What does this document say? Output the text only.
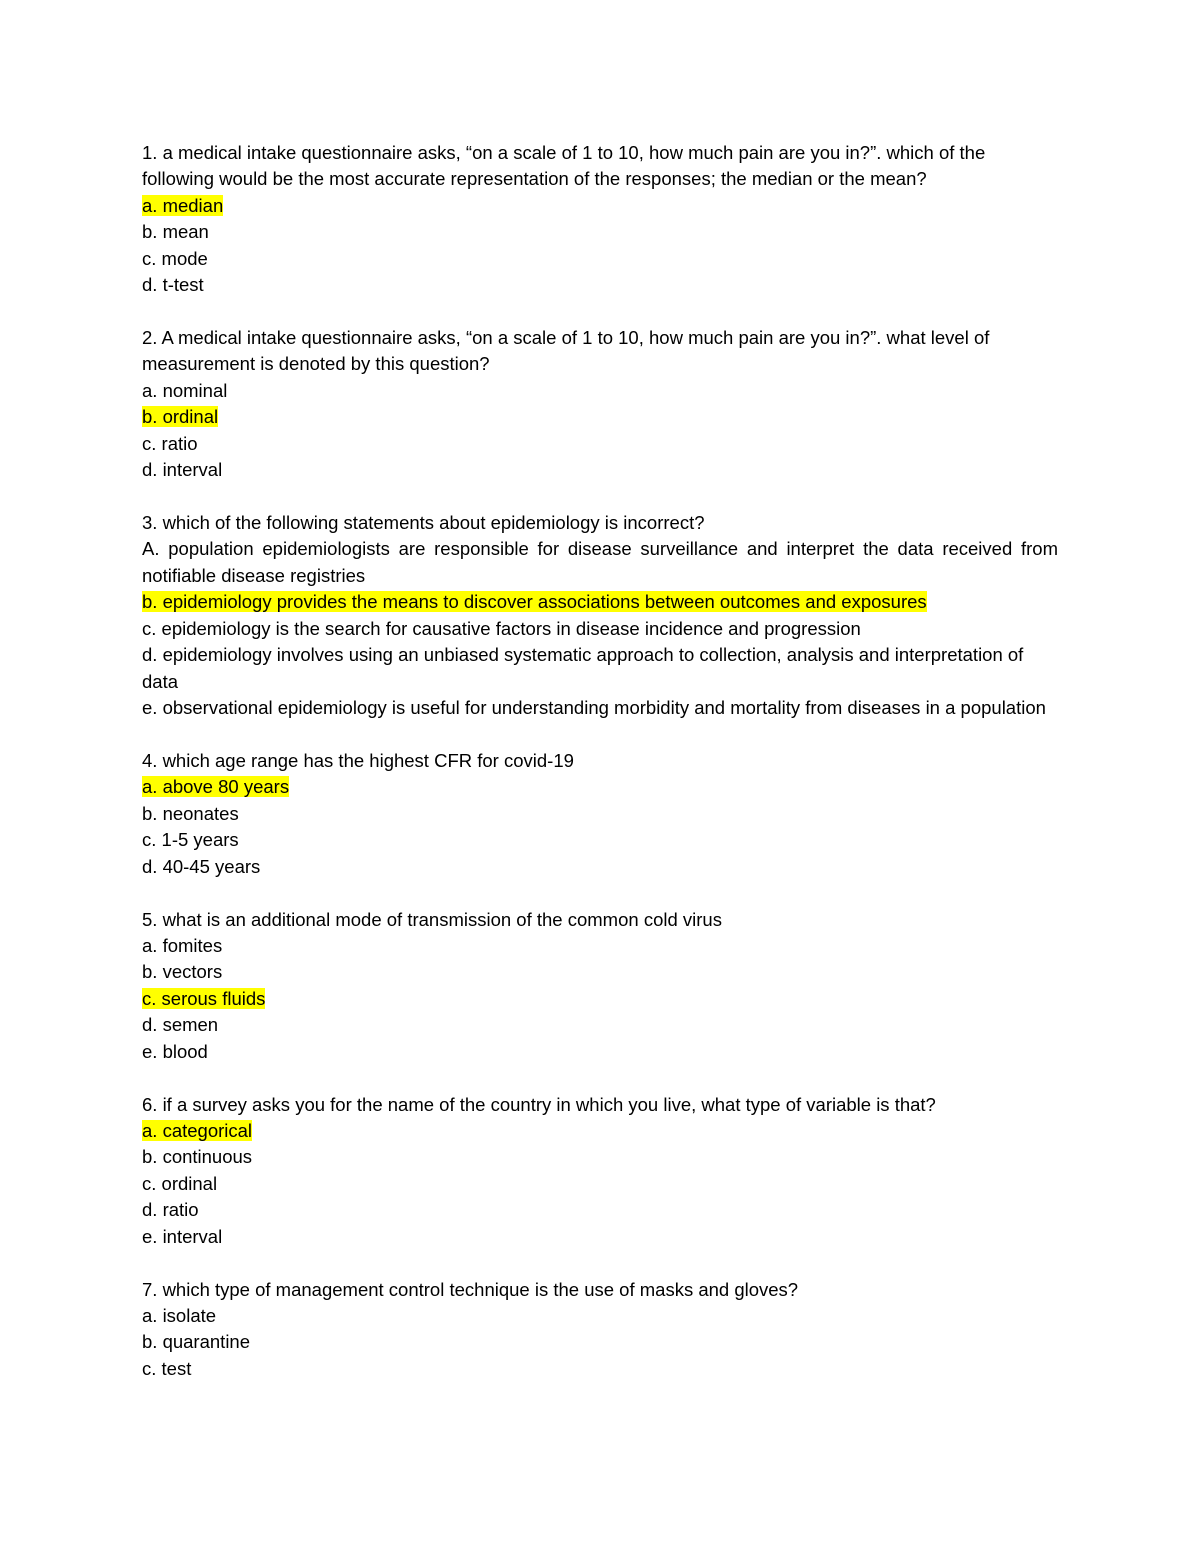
1. a medical intake questionnaire asks, “on a scale of 1 to 10, how much pain are you in?”. which of the following would be the most accurate representation of the responses; the median or the mean?

a. median
b. mean
c. mode
d. t-test

2. A medical intake questionnaire asks, “on a scale of 1 to 10, how much pain are you in?”. what level of measurement is denoted by this question?

a. nominal
b. ordinal
c. ratio
d. interval

3. which of the following statements about epidemiology is incorrect?

A. population epidemiologists are responsible for disease surveillance and interpret the data received from notifiable disease registries
b. epidemiology provides the means to discover associations between outcomes and exposures
c. epidemiology is the search for causative factors in disease incidence and progression
d. epidemiology involves using an unbiased systematic approach to collection, analysis and interpretation of data
e. observational epidemiology is useful for understanding morbidity and mortality from diseases in a population

4. which age range has the highest CFR for covid-19

a. above 80 years
b. neonates
c. 1-5 years
d. 40-45 years

5. what is an additional mode of transmission of the common cold virus

a. fomites
b. vectors
c. serous fluids
d. semen
e. blood

6. if a survey asks you for the name of the country in which you live, what type of variable is that?

a. categorical
b. continuous
c. ordinal
d. ratio
e. interval

7. which type of management control technique is the use of masks and gloves?

a. isolate
b. quarantine
c. test
